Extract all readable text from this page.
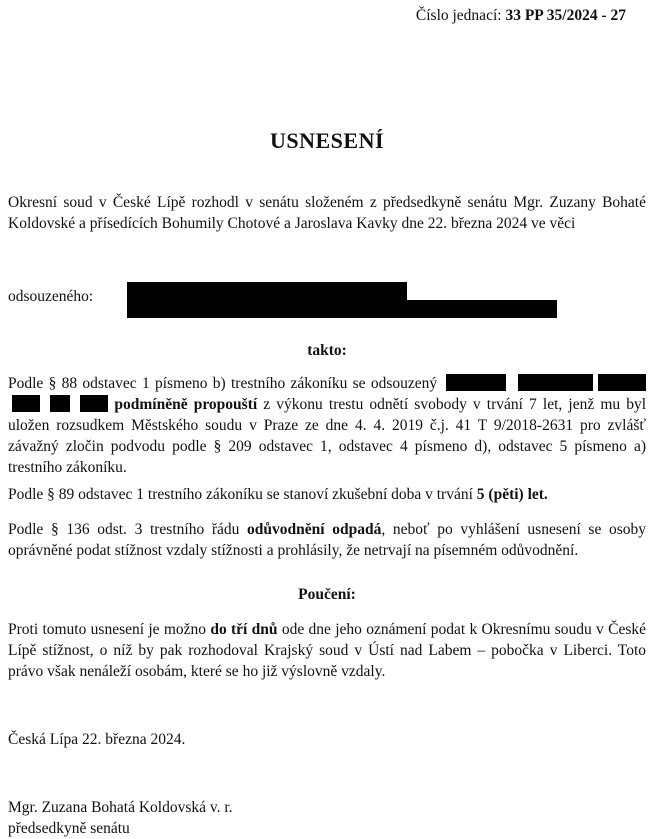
Číslo jednací: 33 PP 35/2024 - 27
USNESENÍ
Okresní soud v České Lípě rozhodl v senátu složeném z předsedkyně senátu Mgr. Zuzany Bohaté Koldovské a přísedících Bohumily Chotové a Jaroslava Kavky dne 22. března 2024 ve věci
odsouzeného:
takto:
Podle § 88 odstavec 1 písmeno b) trestního zákoníku se odsouzený       podmíněně propouští z výkonu trestu odnětí svobody v trvání 7 let, jenž mu byl uložen rozsudkem Městského soudu v Praze ze dne 4. 4. 2019 č.j. 41 T 9/2018-2631 pro zvlášť závažný zločin podvodu podle § 209 odstavec 1, odstavec 4 písmeno d), odstavec 5 písmeno a) trestního zákoníku.
Podle § 89 odstavec 1 trestního zákoníku se stanoví zkušební doba v trvání 5 (pěti) let.
Podle § 136 odst. 3 trestního řádu odůvodnění odpadá, neboť po vyhlášení usnesení se osoby oprávněné podat stížnost vzdaly stížnosti a prohlásily, že netrvají na písemném odůvodnění.
Poučení:
Proti tomuto usnesení je možno do tří dnů ode dne jeho oznámení podat k Okresnímu soudu v České Lípě stížnost, o níž by pak rozhodoval Krajský soud v Ústí nad Labem – pobočka v Liberci. Toto právo však nenáleží osobám, které se ho již výslovně vzdaly.
Česká Lípa 22. března 2024.
Mgr. Zuzana Bohatá Koldovská v. r.
předsedkyně senátu
